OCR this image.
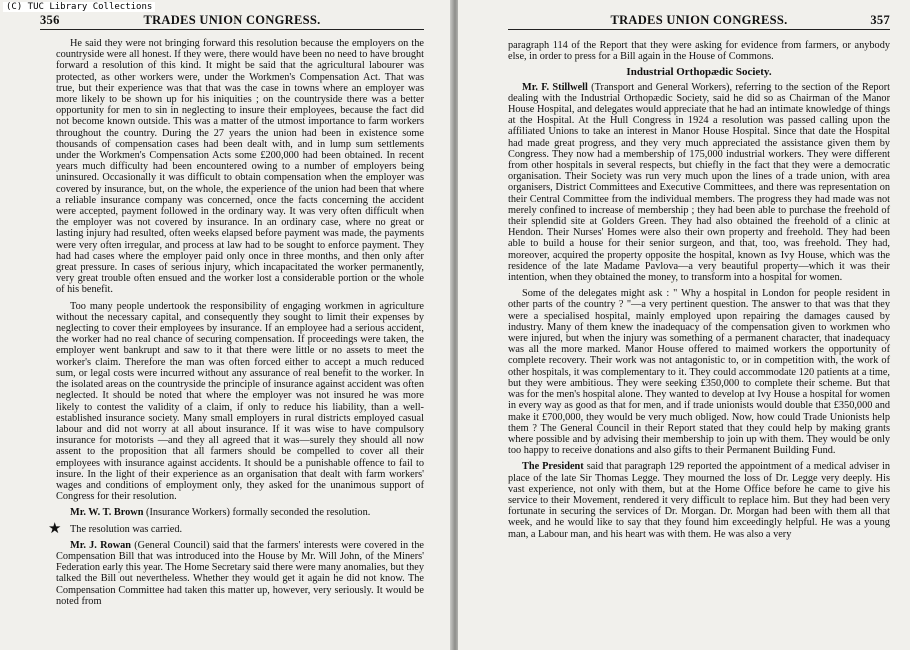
(C) TUC Library Collections
356	TRADES UNION CONGRESS.

He said they were not bringing forward this resolution because the employers on the countryside were all honest. If they were, there would have been no need to have brought forward a resolution of this kind. It might be said that the agricultural labourer was protected, as other workers were, under the Workmen's Compensation Act. That was true, but their experience was that that was the case in towns where an employer was more likely to be shown up for his iniquities ; on the countryside there was a better opportunity for men to sin in neglecting to insure their employees, because the fact did not become known outside. This was a matter of the utmost importance to farm workers throughout the country. During the 27 years the union had been in existence some thousands of compensation cases had been dealt with, and in lump sum settlements under the Workmen's Compensation Acts some £200,000 had been obtained. In recent years much difficulty had been encountered owing to a number of employers being uninsured. Occasionally it was difficult to obtain compensation when the employer was covered by insurance, but, on the whole, the experience of the union had been that where a reliable insurance company was concerned, once the facts concerning the accident were accepted, payment followed in the ordinary way. It was very often difficult when the employer was not covered by insurance. In an ordinary case, where no great or lasting injury had resulted, often weeks elapsed before payment was made, the payments were very often irregular, and process at law had to be sought to enforce payment. They had had cases where the employer paid only once in three months, and then only after great pressure. In cases of serious injury, which incapacitated the worker permanently, very great trouble often ensued and the worker lost a considerable portion or the whole of his benefit.

Too many people undertook the responsibility of engaging workmen in agriculture without the necessary capital, and consequently they sought to limit their expenses by neglecting to cover their employees by insurance. If an employee had a serious accident, the worker had no real chance of securing compensation. If proceedings were taken, the employer went bankrupt and saw to it that there were little or no assets to meet the worker's claim. Therefore the man was often forced either to accept a much reduced sum, or legal costs were incurred without any assurance of real benefit to the worker. In the isolated areas on the countryside the principle of insurance against accident was often neglected. It should be noted that where the employer was not insured he was more likely to contest the validity of a claim, if only to reduce his liability, than a well-established insurance society. Many small employers in rural districts employed casual labour and did not worry at all about insurance. If it was wise to have compulsory insurance for motorists —and they all agreed that it was—surely they should all now assent to the proposition that all farmers should be compelled to cover all their employees with insurance against accidents. It should be a punishable offence to fail to insure. In the light of their experience as an organisation that dealt with farm workers' wages and conditions of employment only, they asked for the unanimous support of Congress for their resolution.

Mr. W. T. Brown (Insurance Workers) formally seconded the resolution.

★ The resolution was carried.

Mr. J. Rowan (General Council) said that the farmers' interests were covered in the Compensation Bill that was introduced into the House by Mr. Will John, of the Miners' Federation early this year. The Home Secretary said there were many anomalies, but they talked the Bill out nevertheless. Whether they would get it again he did not know. The Compensation Committee had taken this matter up, however, very seriously. It would be noted from

TRADES UNION CONGRESS.	357

paragraph 114 of the Report that they were asking for evidence from farmers, or anybody else, in order to press for a Bill again in the House of Commons.

Industrial Orthopædic Society.

Mr. F. Stillwell (Transport and General Workers), referring to the section of the Report dealing with the Industrial Orthopædic Society, said he did so as Chairman of the Manor House Hospital, and delegates would appreciate that he had an intimate knowledge of things at the Hospital. At the Hull Congress in 1924 a resolution was passed calling upon the affiliated Unions to take an interest in Manor House Hospital. Since that date the Hospital had made great progress, and they very much appreciated the assistance given them by Congress. They now had a membership of 175,000 industrial workers. They were different from other hospitals in several respects, but chiefly in the fact that they were a democratic organisation. Their Society was run very much upon the lines of a trade union, with area organisers, District Committees and Executive Committees, and there was representation on their Central Committee from the individual members. The progress they had made was not merely confined to increase of membership ; they had been able to purchase the freehold of their splendid site at Golders Green. They had also obtained the freehold of a clinic at Hendon. Their Nurses' Homes were also their own property and freehold. They had been able to build a house for their senior surgeon, and that, too, was freehold. They had, moreover, acquired the property opposite the hospital, known as Ivy House, which was the residence of the late Madame Pavlova—a very beautiful property—which it was their intention, when they obtained the money, to transform into a hospital for women.

Some of the delegates might ask : " Why a hospital in London for people resident in other parts of the country ? "—a very pertinent question. The answer to that was that they were a specialised hospital, mainly employed upon repairing the damages caused by industry. Many of them knew the inadequacy of the compensation given to workmen who were injured, but when the injury was something of a permanent character, that inadequacy was all the more marked. Manor House offered to maimed workers the opportunity of complete recovery. Their work was not antagonistic to, or in competition with, the work of other hospitals, it was complementary to it. They could accommodate 120 patients at a time, but they were ambitious. They were seeking £350,000 to complete their scheme. But that was for the men's hospital alone. They wanted to develop at Ivy House a hospital for women in every way as good as that for men, and if trade unionists would double that £350,000 and make it £700,000, they would be very much obliged. Now, how could Trade Unionists help them ? The General Council in their Report stated that they could help by making grants where possible and by advising their membership to join up with them. They would be only too happy to receive donations and also gifts to their Permanent Building Fund.

The President said that paragraph 129 reported the appointment of a medical adviser in place of the late Sir Thomas Legge. They mourned the loss of Dr. Legge very deeply. His vast experience, not only with them, but at the Home Office before he came to give his service to their Movement, rendered it very difficult to replace him. But they had been very fortunate in securing the services of Dr. Morgan. Dr. Morgan had been with them all that week, and he would like to say that they found him exceedingly helpful. He was a young man, a Labour man, and his heart was with them. He was also a very
